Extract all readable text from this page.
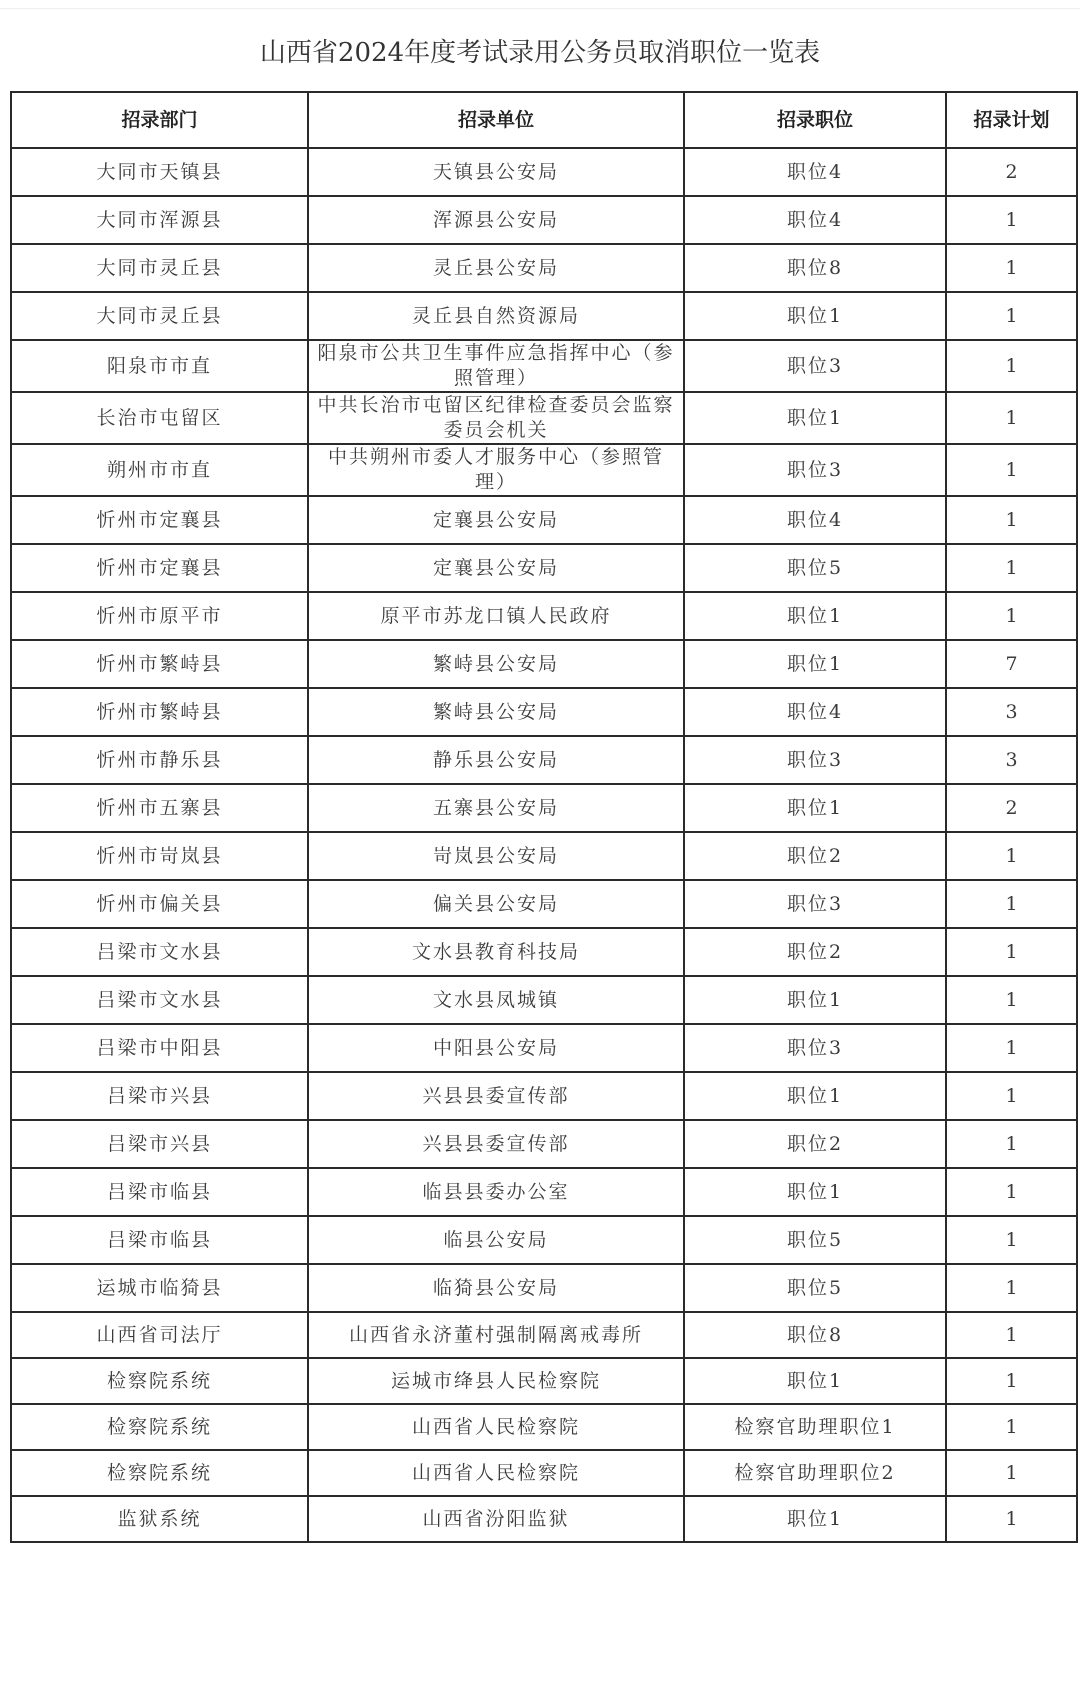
山西省2024年度考试录用公务员取消职位一览表
招录部门	招录单位	招录职位	招录计划
大同市天镇县	天镇县公安局	职位4	2
大同市浑源县	浑源县公安局	职位4	1
大同市灵丘县	灵丘县公安局	职位8	1
大同市灵丘县	灵丘县自然资源局	职位1	1
阳泉市市直	阳泉市公共卫生事件应急指挥中心（参照管理）	职位3	1
长治市屯留区	中共长治市屯留区纪律检查委员会监察委员会机关	职位1	1
朔州市市直	中共朔州市委人才服务中心（参照管理）	职位3	1
忻州市定襄县	定襄县公安局	职位4	1
忻州市定襄县	定襄县公安局	职位5	1
忻州市原平市	原平市苏龙口镇人民政府	职位1	1
忻州市繁峙县	繁峙县公安局	职位1	7
忻州市繁峙县	繁峙县公安局	职位4	3
忻州市静乐县	静乐县公安局	职位3	3
忻州市五寨县	五寨县公安局	职位1	2
忻州市岢岚县	岢岚县公安局	职位2	1
忻州市偏关县	偏关县公安局	职位3	1
吕梁市文水县	文水县教育科技局	职位2	1
吕梁市文水县	文水县凤城镇	职位1	1
吕梁市中阳县	中阳县公安局	职位3	1
吕梁市兴县	兴县县委宣传部	职位1	1
吕梁市兴县	兴县县委宣传部	职位2	1
吕梁市临县	临县县委办公室	职位1	1
吕梁市临县	临县公安局	职位5	1
运城市临猗县	临猗县公安局	职位5	1
山西省司法厅	山西省永济董村强制隔离戒毒所	职位8	1
检察院系统	运城市绛县人民检察院	职位1	1
检察院系统	山西省人民检察院	检察官助理职位1	1
检察院系统	山西省人民检察院	检察官助理职位2	1
监狱系统	山西省汾阳监狱	职位1	1
